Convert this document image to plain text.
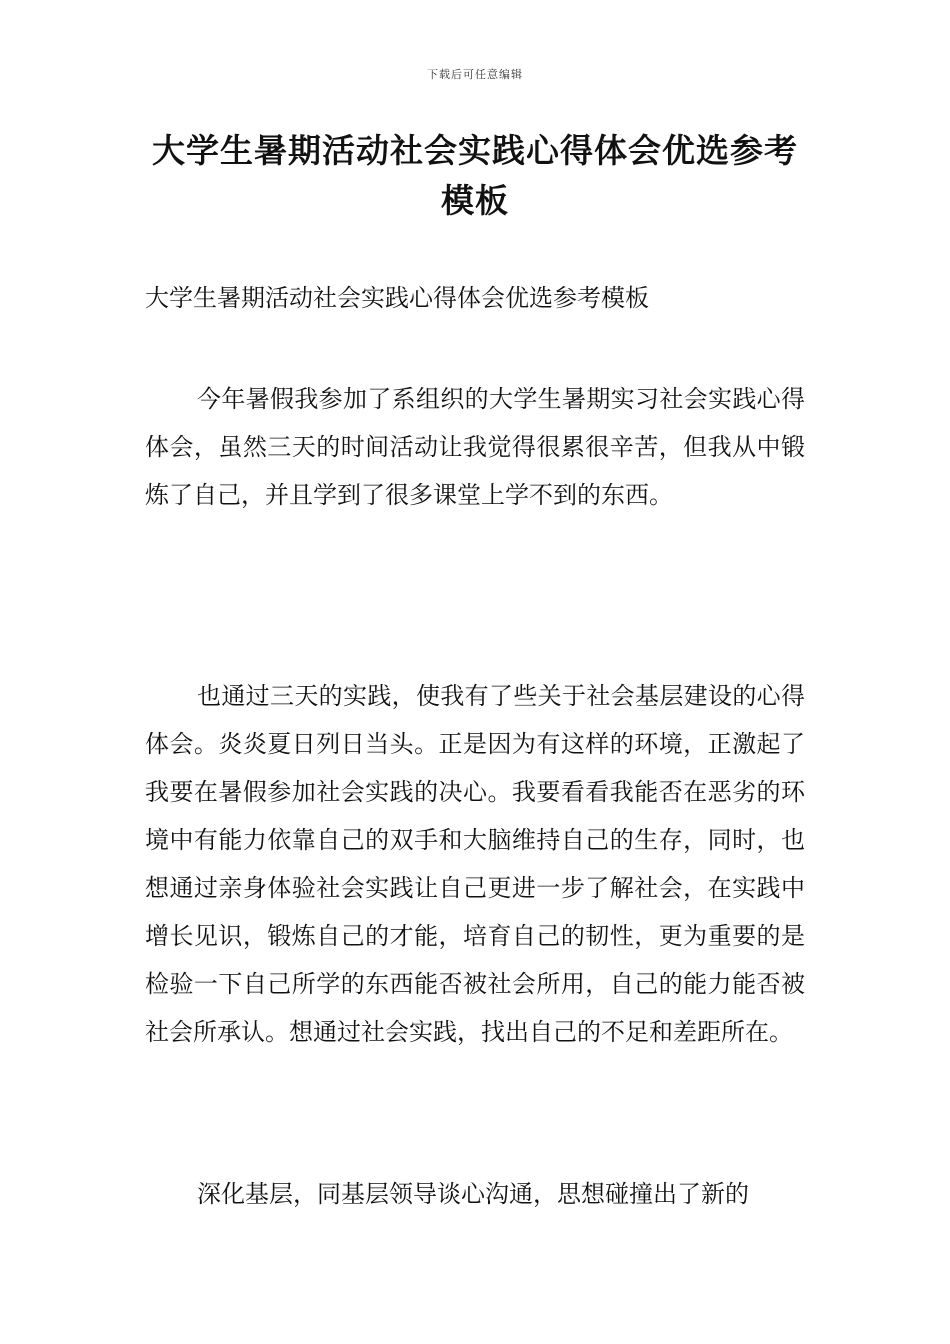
下载后可任意编辑
大学生暑期活动社会实践心得体会优选参考模板

大学生暑期活动社会实践心得体会优选参考模板

今年暑假我参加了系组织的大学生暑期实习社会实践心得体会，虽然三天的时间活动让我觉得很累很辛苦，但我从中锻炼了自己，并且学到了很多课堂上学不到的东西。

也通过三天的实践，使我有了些关于社会基层建设的心得体会。炎炎夏日列日当头。正是因为有这样的环境，正激起了我要在暑假参加社会实践的决心。我要看看我能否在恶劣的环境中有能力依靠自己的双手和大脑维持自己的生存，同时，也想通过亲身体验社会实践让自己更进一步了解社会，在实践中增长见识，锻炼自己的才能，培育自己的韧性，更为重要的是检验一下自己所学的东西能否被社会所用，自己的能力能否被社会所承认。想通过社会实践，找出自己的不足和差距所在。

深化基层，同基层领导谈心沟通，思想碰撞出了新的
